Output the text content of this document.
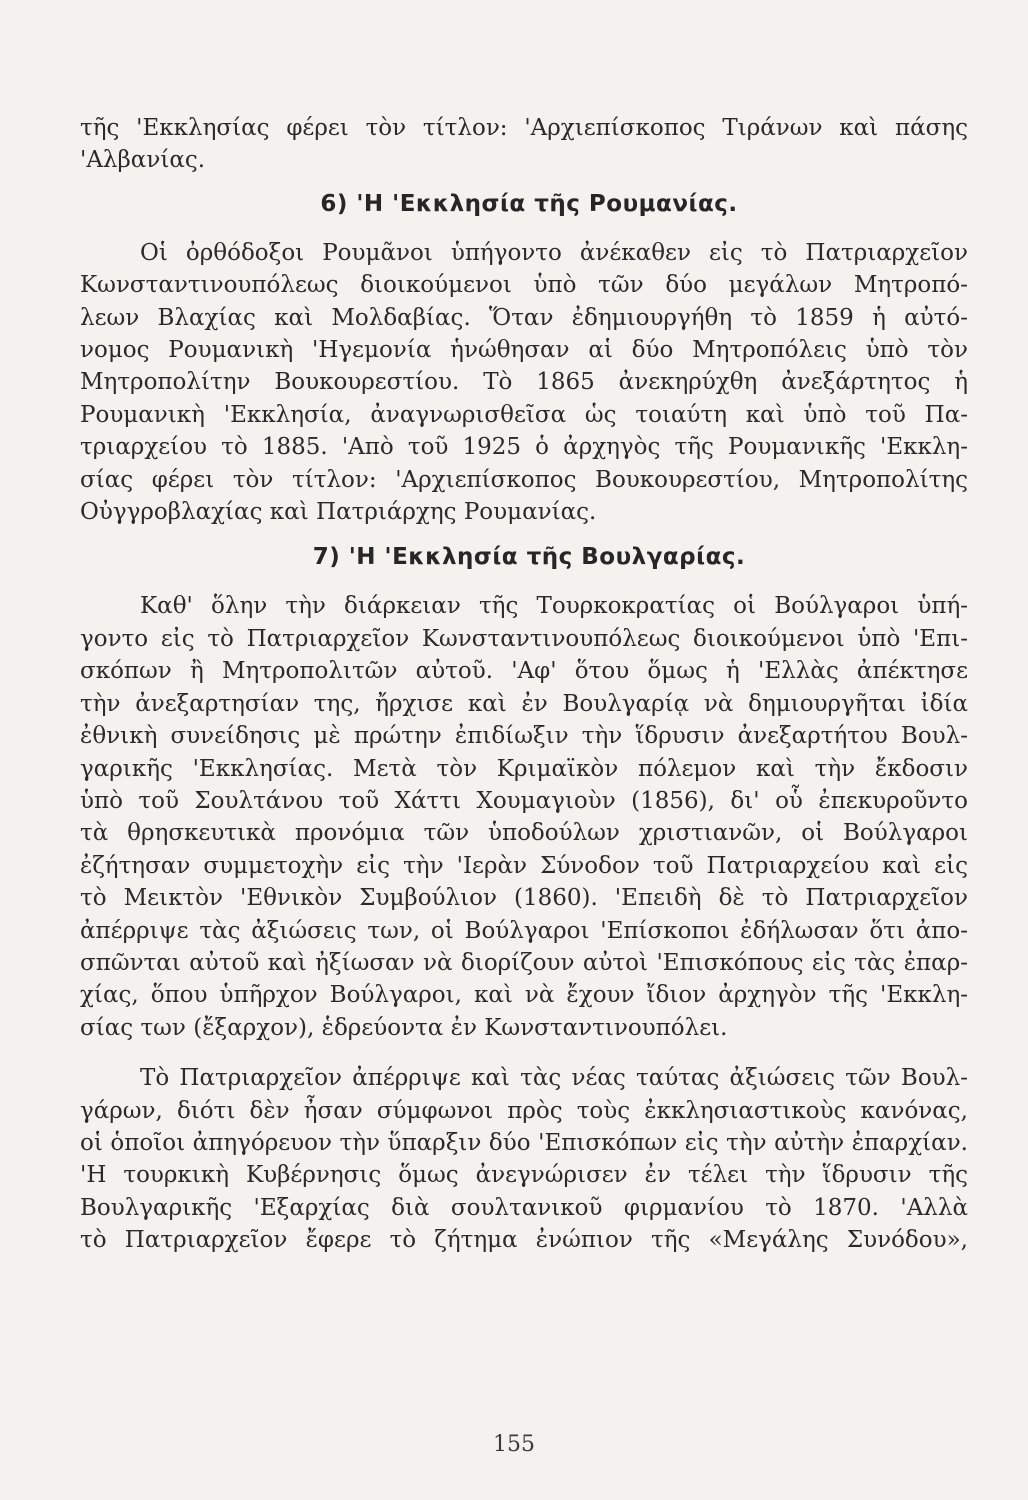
τῆς 'Εκκλησίας φέρει τὸν τίτλον: 'Αρχιεπίσκοπος Τιράνων καὶ πάσης
'Αλβανίας.

6) 'Η 'Εκκλησία τῆς Ρουμανίας.

Οἱ ὀρθόδοξοι Ρουμᾶνοι ὑπήγοντο ἀνέκαθεν εἰς τὸ Πατριαρχεῖον
Κωνσταντινουπόλεως διοικούμενοι ὑπὸ τῶν δύο μεγάλων Μητροπό-
λεων Βλαχίας καὶ Μολδαβίας. Ὅταν ἐδημιουργήθη τὸ 1859 ἡ αὐτό-
νομος Ρουμανικὴ 'Ηγεμονία ἡνώθησαν αἱ δύο Μητροπόλεις ὑπὸ τὸν
Μητροπολίτην Βουκουρεστίου. Τὸ 1865 ἀνεκηρύχθη ἀνεξάρτητος ἡ
Ρουμανικὴ 'Εκκλησία, ἀναγνωρισθεῖσα ὡς τοιαύτη καὶ ὑπὸ τοῦ Πα-
τριαρχείου τὸ 1885. 'Απὸ τοῦ 1925 ὁ ἀρχηγὸς τῆς Ρουμανικῆς 'Εκκλη-
σίας φέρει τὸν τίτλον: 'Αρχιεπίσκοπος Βουκουρεστίου, Μητροπολίτης
Οὐγγροβλαχίας καὶ Πατριάρχης Ρουμανίας.

7) 'Η 'Εκκλησία τῆς Βουλγαρίας.

Καθ' ὅλην τὴν διάρκειαν τῆς Τουρκοκρατίας οἱ Βούλγαροι ὑπή-
γοντο εἰς τὸ Πατριαρχεῖον Κωνσταντινουπόλεως διοικούμενοι ὑπὸ 'Επι-
σκόπων ἢ Μητροπολιτῶν αὐτοῦ. 'Αφ' ὅτου ὅμως ἡ 'Ελλὰς ἀπέκτησε
τὴν ἀνεξαρτησίαν της, ἤρχισε καὶ ἐν Βουλγαρίᾳ νὰ δημιουργῆται ἰδία
ἐθνικὴ συνείδησις μὲ πρώτην ἐπιδίωξιν τὴν ἵδρυσιν ἀνεξαρτήτου Βουλ-
γαρικῆς 'Εκκλησίας. Μετὰ τὸν Κριμαϊκὸν πόλεμον καὶ τὴν ἔκδοσιν
ὑπὸ τοῦ Σουλτάνου τοῦ Χάττι Χουμαγιοὺν (1856), δι' οὗ ἐπεκυροῦντο
τὰ θρησκευτικὰ προνόμια τῶν ὑποδούλων χριστιανῶν, οἱ Βούλγαροι
ἐζήτησαν συμμετοχὴν εἰς τὴν 'Ιερὰν Σύνοδον τοῦ Πατριαρχείου καὶ εἰς
τὸ Μεικτὸν 'Εθνικὸν Συμβούλιον (1860). 'Επειδὴ δὲ τὸ Πατριαρχεῖον
ἀπέρριψε τὰς ἀξιώσεις των, οἱ Βούλγαροι 'Επίσκοποι ἐδήλωσαν ὅτι ἀπο-
σπῶνται αὐτοῦ καὶ ἠξίωσαν νὰ διορίζουν αὐτοὶ 'Επισκόπους εἰς τὰς ἐπαρ-
χίας, ὅπου ὑπῆρχον Βούλγαροι, καὶ νὰ ἔχουν ἴδιον ἀρχηγὸν τῆς 'Εκκλη-
σίας των (ἔξαρχον), ἑδρεύοντα ἐν Κωνσταντινουπόλει.

Τὸ Πατριαρχεῖον ἀπέρριψε καὶ τὰς νέας ταύτας ἀξιώσεις τῶν Βουλ-
γάρων, διότι δὲν ἦσαν σύμφωνοι πρὸς τοὺς ἐκκλησιαστικοὺς κανόνας,
οἱ ὁποῖοι ἀπηγόρευον τὴν ὕπαρξιν δύο 'Επισκόπων εἰς τὴν αὐτὴν ἐπαρχίαν.
'Η τουρκικὴ Κυβέρνησις ὅμως ἀνεγνώρισεν ἐν τέλει τὴν ἵδρυσιν τῆς
Βουλγαρικῆς 'Εξαρχίας διὰ σουλτανικοῦ φιρμανίου τὸ 1870. 'Αλλὰ
τὸ Πατριαρχεῖον ἔφερε τὸ ζήτημα ἐνώπιον τῆς «Μεγάλης Συνόδου»,

155
